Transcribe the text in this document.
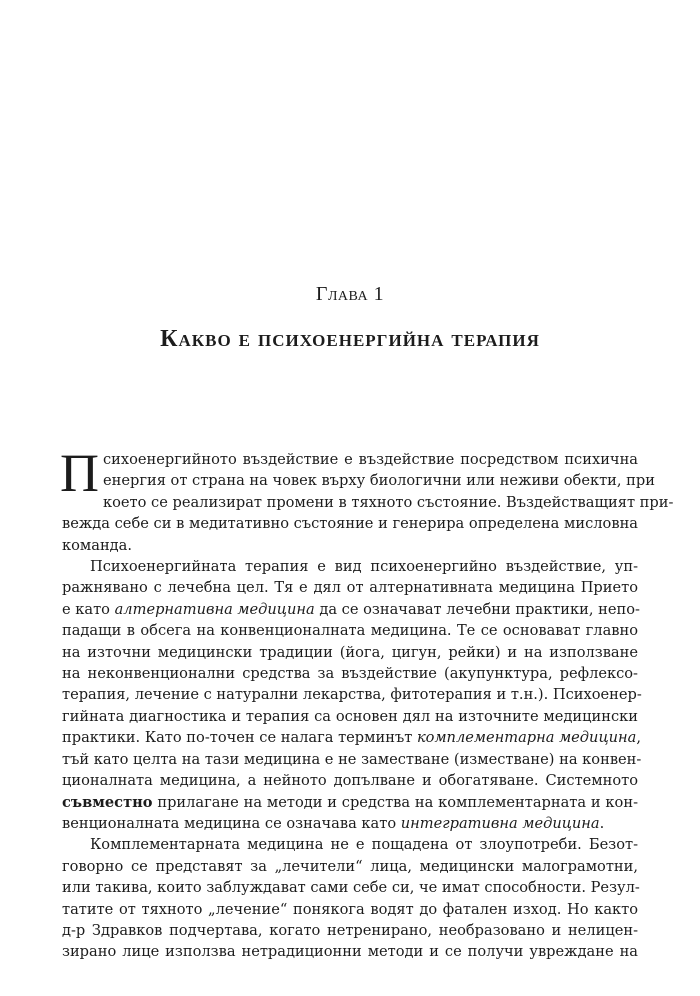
Глава 1
Какво е психоенергийна терапия
П сихоенергийното въздействие е въздействие посредством психична
енергия от страна на човек върху биологични или неживи обекти, при
което се реализират промени в тяхното състояние. Въздействащият при-
вежда себе си в медитативно състояние и генерира определена мисловна
команда.
Психоенергийната терапия е вид психоенергийно въздействие, уп-
ражнявано с лечебна цел. Тя е дял от алтернативната медицина Прието
е като алтернативна медицина да се означават лечебни практики, непо-
падащи в обсега на конвенционалната медицина. Те се основават главно
на източни медицински традиции (йога, цигун, рейки) и на използване
на неконвенционални средства за въздействие (акупунктура, рефлексо-
терапия, лечение с натурални лекарства, фитотерапия и т.н.). Психоенер-
гийната диагностика и терапия са основен дял на източните медицински
практики. Като по-точен се налага терминът комплементарна медицина,
тъй като целта на тази медицина е не заместване (изместване) на конвен-
ционалната медицина, а нейното допълване и обогатяване. Системното
съвместно прилагане на методи и средства на комплементарната и кон-
венционалната медицина се означава като интегративна медицина.
Комплементарната медицина не е пощадена от злоупотреби. Безот-
говорно се представят за „лечители“ лица, медицински малограмотни,
или такива, които заблуждават сами себе си, че имат способности. Резул-
татите от тяхното „лечение“ понякога водят до фатален изход. Но както
д-р Здравков подчертава, когато нетренирано, необразовано и нелицен-
зирано лице използва нетрадиционни методи и се получи увреждане на
